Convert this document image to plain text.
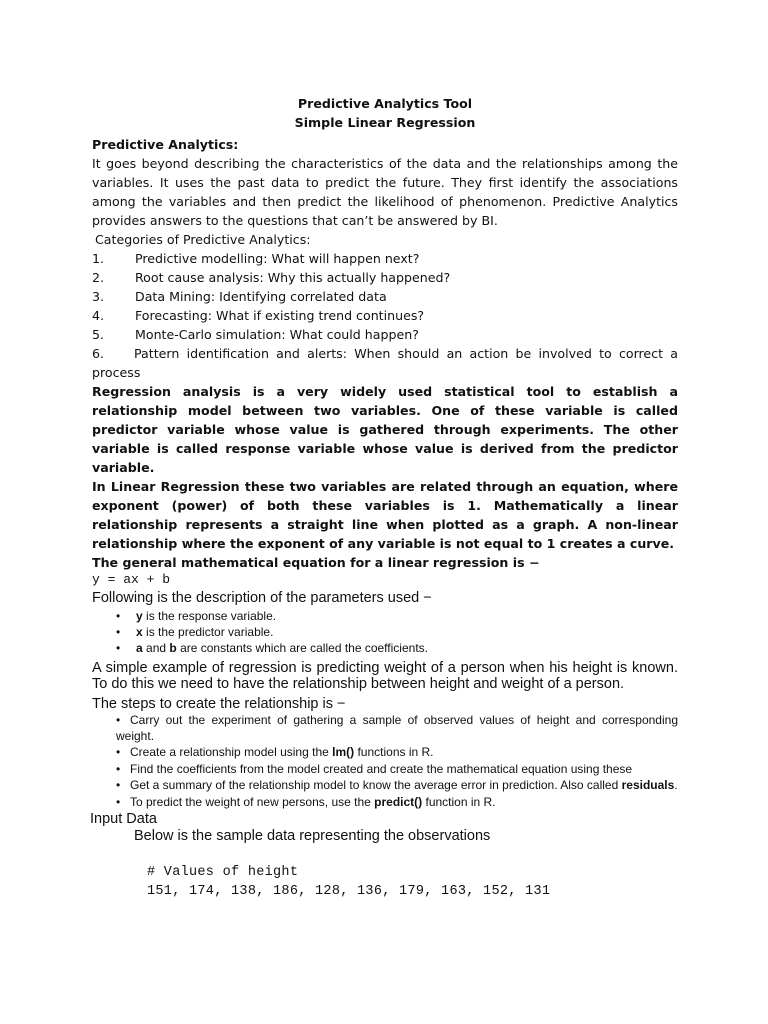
Predictive Analytics Tool

Simple Linear Regression

Predictive Analytics:

It goes beyond describing the characteristics of the data and the relationships among the variables. It uses the past data to predict the future. They first identify the associations among the variables and then predict the likelihood of phenomenon. Predictive Analytics provides answers to the questions that can’t be answered by BI.

Categories of Predictive Analytics:

1. Predictive modelling: What will happen next?
2. Root cause analysis: Why this actually happened?
3. Data Mining: Identifying correlated data
4. Forecasting: What if existing trend continues?
5. Monte-Carlo simulation: What could happen?
6. Pattern identification and alerts: When should an action be involved to correct a process

Regression analysis is a very widely used statistical tool to establish a relationship model between two variables. One of these variable is called predictor variable whose value is gathered through experiments. The other variable is called response variable whose value is derived from the predictor variable.

In Linear Regression these two variables are related through an equation, where exponent (power) of both these variables is 1. Mathematically a linear relationship represents a straight line when plotted as a graph. A non-linear relationship where the exponent of any variable is not equal to 1 creates a curve.

The general mathematical equation for a linear regression is −

y = ax + b

Following is the description of the parameters used −

• y is the response variable.
• x is the predictor variable.
• a and b are constants which are called the coefficients.

A simple example of regression is predicting weight of a person when his height is known. To do this we need to have the relationship between height and weight of a person.

The steps to create the relationship is −

• Carry out the experiment of gathering a sample of observed values of height and corresponding weight.
• Create a relationship model using the lm() functions in R.
• Find the coefficients from the model created and create the mathematical equation using these
• Get a summary of the relationship model to know the average error in prediction. Also called residuals.
• To predict the weight of new persons, use the predict() function in R.

Input Data

Below is the sample data representing the observations

# Values of height

151, 174, 138, 186, 128, 136, 179, 163, 152, 131
